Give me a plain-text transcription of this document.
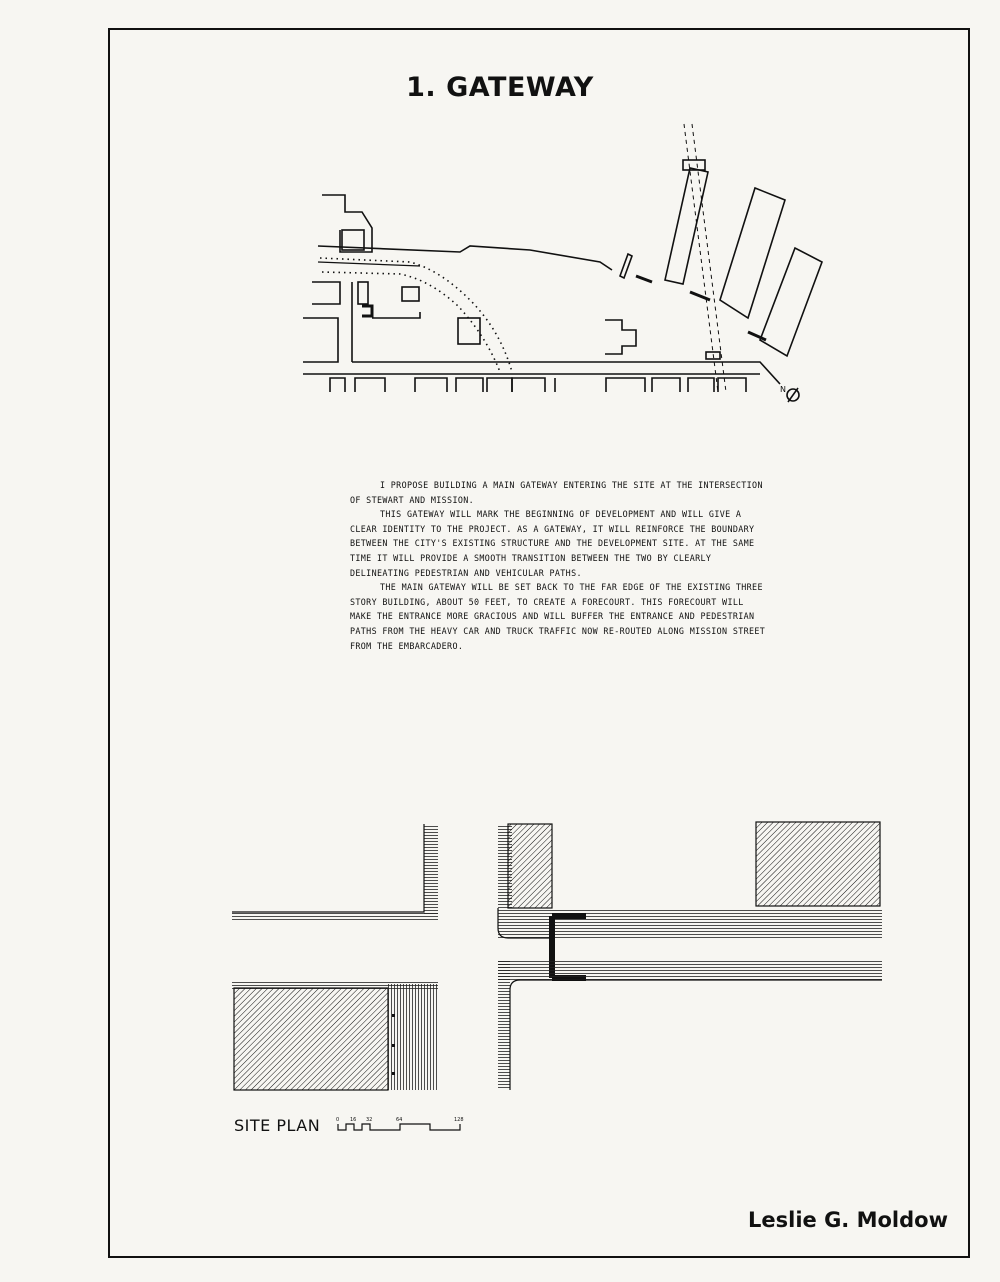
1. GATEWAY
N

I PROPOSE BUILDING A MAIN GATEWAY ENTERING THE SITE AT THE INTERSECTION OF STEWART AND MISSION.

THIS GATEWAY WILL MARK THE BEGINNING OF DEVELOPMENT AND WILL GIVE A CLEAR IDENTITY TO THE PROJECT. AS A GATEWAY, IT WILL REINFORCE THE BOUNDARY BETWEEN THE CITY'S EXISTING STRUCTURE AND THE DEVELOPMENT SITE. AT THE SAME TIME IT WILL PROVIDE A SMOOTH TRANSITION BETWEEN THE TWO BY CLEARLY DELINEATING PEDESTRIAN AND VEHICULAR PATHS.

THE MAIN GATEWAY WILL BE SET BACK TO THE FAR EDGE OF THE EXISTING THREE STORY BUILDING, ABOUT 50 FEET, TO CREATE A FORECOURT. THIS FORECOURT WILL MAKE THE ENTRANCE MORE GRACIOUS AND WILL BUFFER THE ENTRANCE AND PEDESTRIAN PATHS FROM THE HEAVY CAR AND TRUCK TRAFFIC NOW RE-ROUTED ALONG MISSION STREET FROM THE EMBARCADERO.

0 16 32	64	128
SITE PLAN
Leslie G. Moldow
